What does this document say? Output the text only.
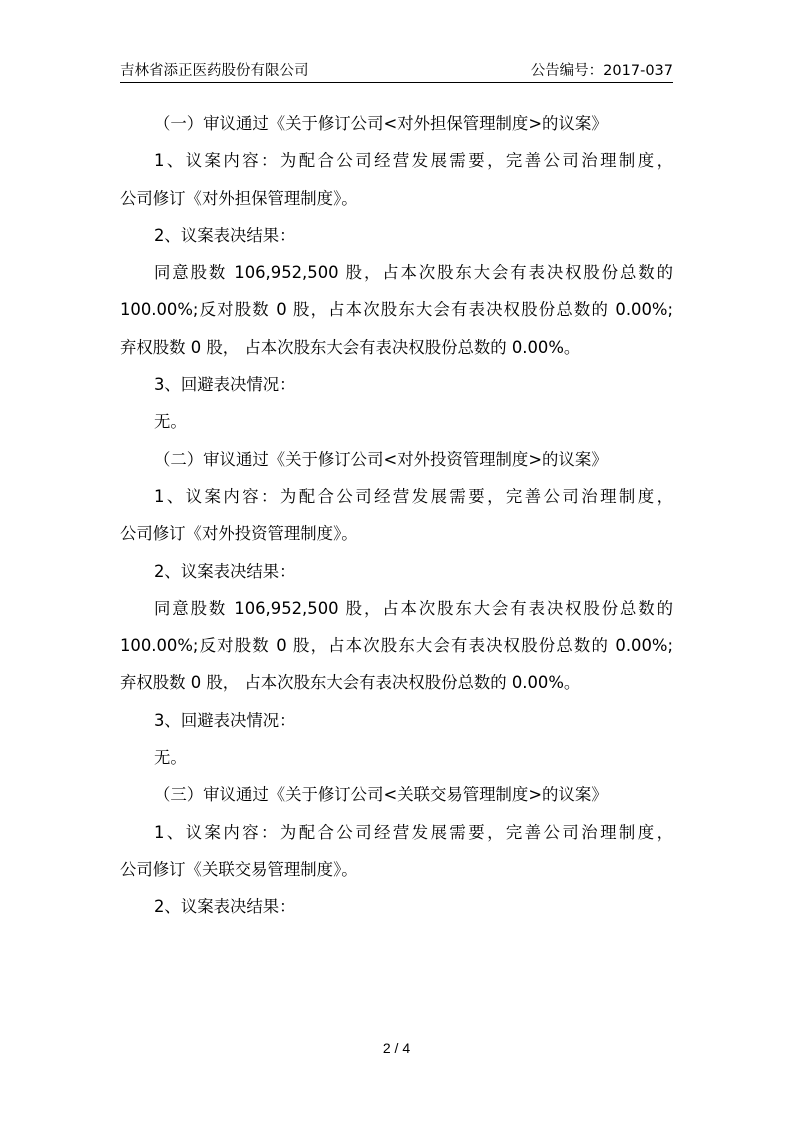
吉林省添正医药股份有限公司	公告编号：2017-037
（一）审议通过《关于修订公司<对外担保管理制度>的议案》
1、议案内容：为配合公司经营发展需要，完善公司治理制度，
公司修订《对外担保管理制度》。
2、议案表决结果：
同意股数 106,952,500 股，占本次股东大会有表决权股份总数的
100.00%;反对股数 0 股，占本次股东大会有表决权股份总数的 0.00%;
弃权股数 0 股， 占本次股东大会有表决权股份总数的 0.00%。
3、回避表决情况：
无。
（二）审议通过《关于修订公司<对外投资管理制度>的议案》
1、议案内容：为配合公司经营发展需要，完善公司治理制度，
公司修订《对外投资管理制度》。
2、议案表决结果：
同意股数 106,952,500 股，占本次股东大会有表决权股份总数的
100.00%;反对股数 0 股，占本次股东大会有表决权股份总数的 0.00%;
弃权股数 0 股， 占本次股东大会有表决权股份总数的 0.00%。
3、回避表决情况：
无。
（三）审议通过《关于修订公司<关联交易管理制度>的议案》
1、议案内容：为配合公司经营发展需要，完善公司治理制度，
公司修订《关联交易管理制度》。
2、议案表决结果：
2 / 4
